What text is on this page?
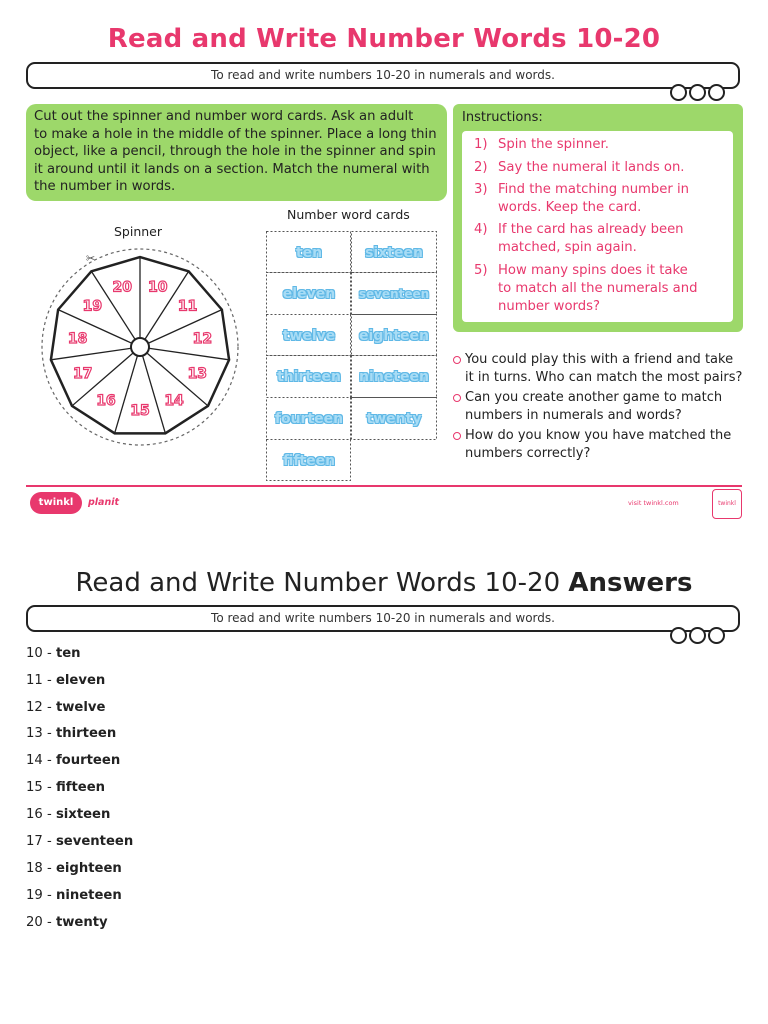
Read and Write Number Words 10-20
To read and write numbers 10-20 in numerals and words.
Cut out the spinner and number word cards. Ask an adult
to make a hole in the middle of the spinner. Place a long thin
object, like a pencil, through the hole in the spinner and spin
it around until it lands on a section. Match the numeral with
the number in words.
Instructions:
1) Spin the spinner.
2) Say the numeral it lands on.
3) Find the matching number in
words. Keep the card.
4) If the card has already been
matched, spin again.
5) How many spins does it take
to match all the numerals and
number words?
You could play this with a friend and take
it in turns. Who can match the most pairs?
Can you create another game to match
numbers in numerals and words?
How do you know you have matched the
numbers correctly?
Spinner
✂
20 10
11
12
13
14
15
16
17
18
19
Number word cards
ten	sixteen
eleven	seventeen
twelve	eighteen
thirteen	nineteen
fourteen	twenty
fifteen
twinkl	planit	visit twinkl.com	twinkl
Read and Write Number Words 10-20 Answers
To read and write numbers 10-20 in numerals and words.
10 - ten
11 - eleven
12 - twelve
13 - thirteen
14 - fourteen
15 - fifteen
16 - sixteen
17 - seventeen
18 - eighteen
19 - nineteen
20 - twenty
